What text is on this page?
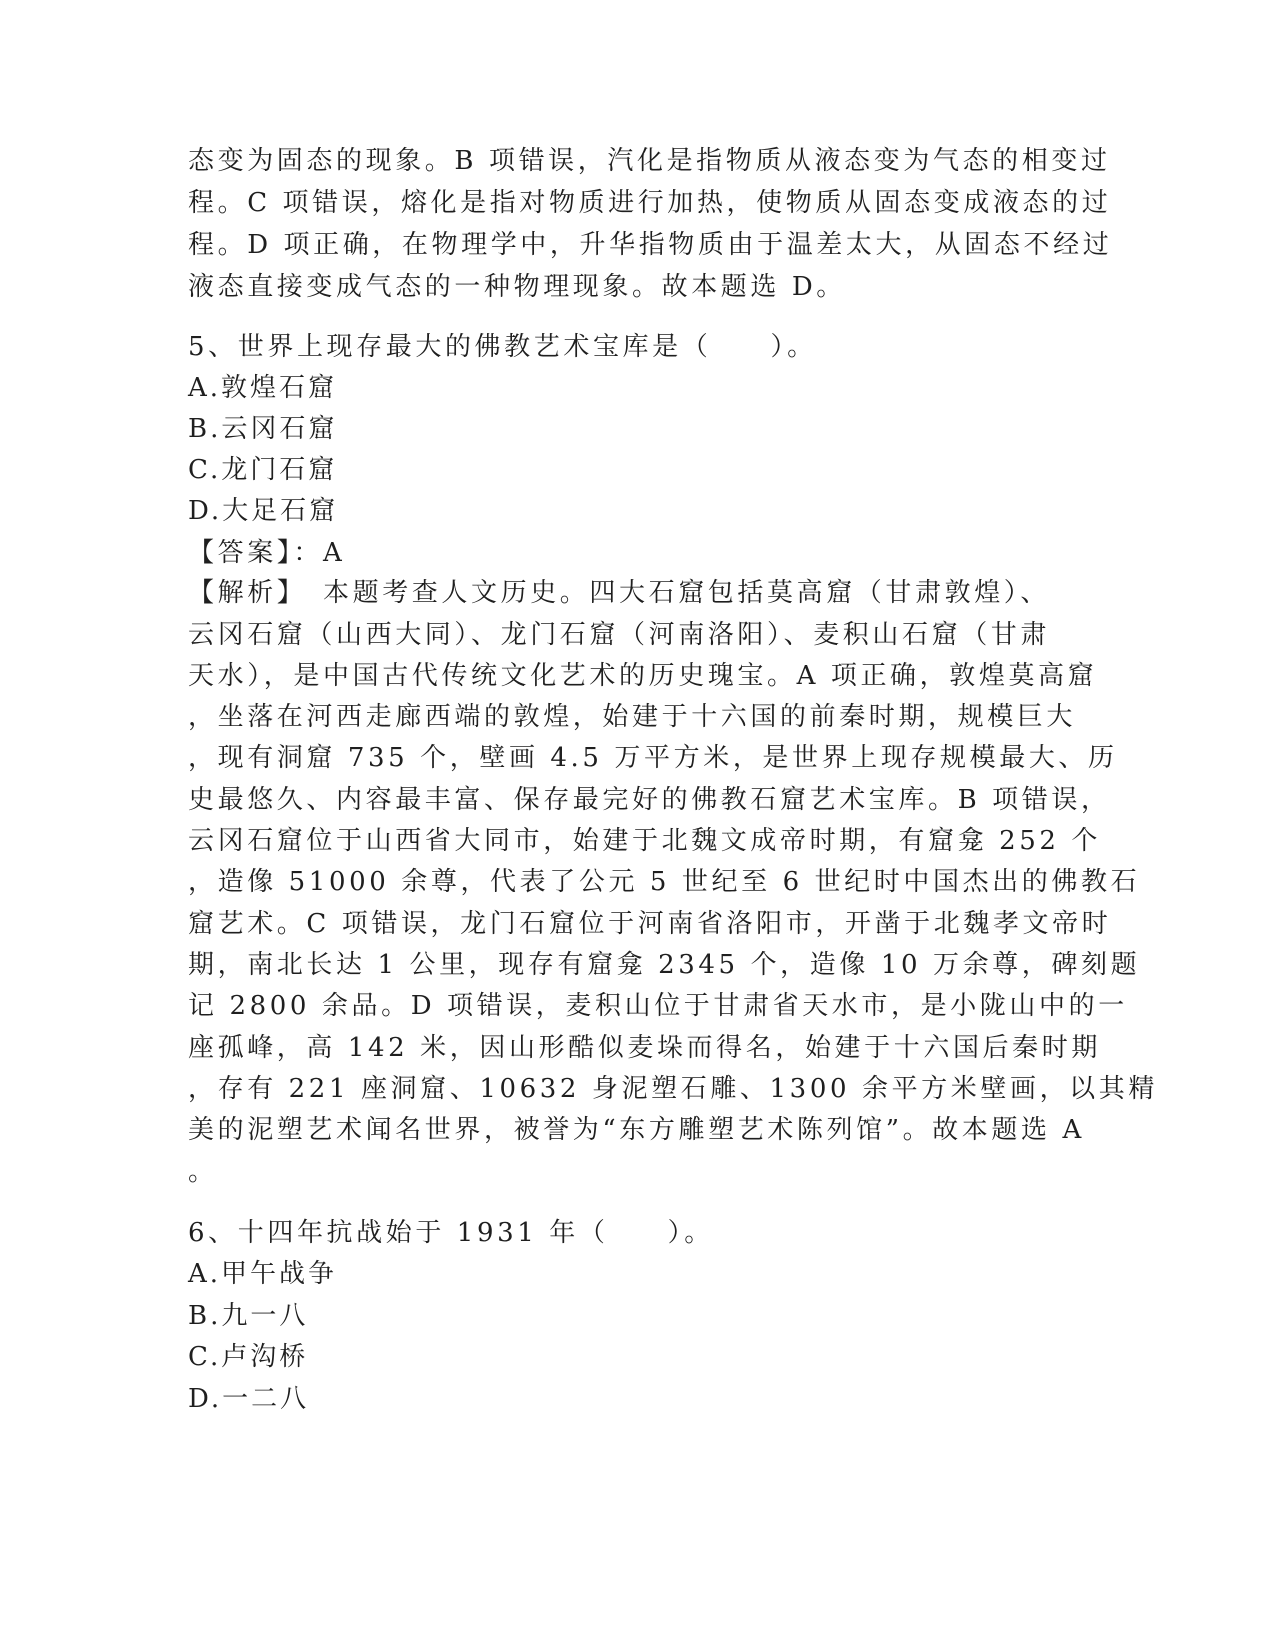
态变为固态的现象。B 项错误，汽化是指物质从液态变为气态的相变过
程。C 项错误，熔化是指对物质进行加热，使物质从固态变成液态的过
程。D 项正确，在物理学中，升华指物质由于温差太大，从固态不经过
液态直接变成气态的一种物理现象。故本题选 D。
5、世界上现存最大的佛教艺术宝库是（　　）。
A.敦煌石窟
B.云冈石窟
C.龙门石窟
D.大足石窟
【答案】：A
【解析】　本题考查人文历史。四大石窟包括莫高窟（甘肃敦煌）、
云冈石窟（山西大同）、龙门石窟（河南洛阳）、麦积山石窟（甘肃
天水），是中国古代传统文化艺术的历史瑰宝。A 项正确，敦煌莫高窟
，坐落在河西走廊西端的敦煌，始建于十六国的前秦时期，规模巨大
，现有洞窟 735 个，壁画 4.5 万平方米，是世界上现存规模最大、历
史最悠久、内容最丰富、保存最完好的佛教石窟艺术宝库。B 项错误，
云冈石窟位于山西省大同市，始建于北魏文成帝时期，有窟龛 252 个
，造像 51000 余尊，代表了公元 5 世纪至 6 世纪时中国杰出的佛教石
窟艺术。C 项错误，龙门石窟位于河南省洛阳市，开凿于北魏孝文帝时
期，南北长达 1 公里，现存有窟龛 2345 个，造像 10 万余尊，碑刻题
记 2800 余品。D 项错误，麦积山位于甘肃省天水市，是小陇山中的一
座孤峰，高 142 米，因山形酷似麦垛而得名，始建于十六国后秦时期
，存有 221 座洞窟、10632 身泥塑石雕、1300 余平方米壁画，以其精
美的泥塑艺术闻名世界，被誉为“东方雕塑艺术陈列馆”。故本题选 A
。
6、十四年抗战始于 1931 年（　　）。
A.甲午战争
B.九一八
C.卢沟桥
D.一二八
